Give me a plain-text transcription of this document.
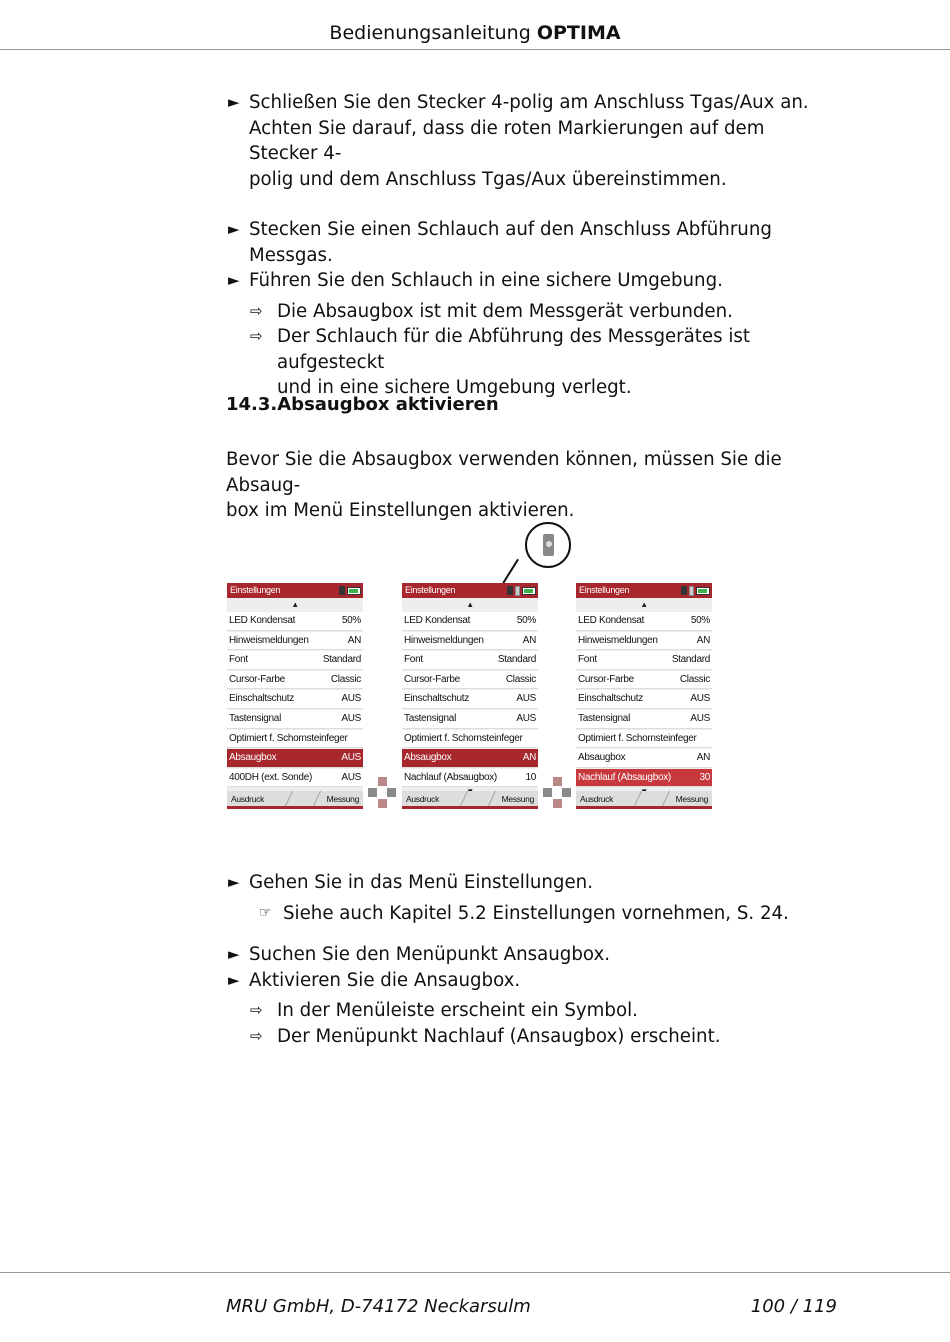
Bedienungsanleitung OPTIMA
► Schließen Sie den Stecker 4-polig am Anschluss Tgas/Aux an.
Achten Sie darauf, dass die roten Markierungen auf dem Stecker 4-
polig und dem Anschluss Tgas/Aux übereinstimmen.
► Stecken Sie einen Schlauch auf den Anschluss Abführung Messgas.
► Führen Sie den Schlauch in eine sichere Umgebung.
⇨ Die Absaugbox ist mit dem Messgerät verbunden.
⇨ Der Schlauch für die Abführung des Messgerätes ist aufgesteckt
und in eine sichere Umgebung verlegt.
14.3.Absaugbox aktivieren
Bevor Sie die Absaugbox verwenden können, müssen Sie die Absaug-
box im Menü Einstellungen aktivieren.
Einstellungen
▲
LED Kondensat	50%
Hinweismeldungen	AN
Font	Standard
Cursor-Farbe	Classic
Einschaltschutz	AUS
Tastensignal	AUS
Optimiert f. Schornsteinfeger
Absaugbox	AUS
400DH (ext. Sonde)	AUS
Ausdruck	Messung
Einstellungen
▲
LED Kondensat	50%
Hinweismeldungen	AN
Font	Standard
Cursor-Farbe	Classic
Einschaltschutz	AUS
Tastensignal	AUS
Optimiert f. Schornsteinfeger
Absaugbox	AN
Nachlauf (Absaugbox)	10
Ausdruck	Messung
Einstellungen
▲
LED Kondensat	50%
Hinweismeldungen	AN
Font	Standard
Cursor-Farbe	Classic
Einschaltschutz	AUS
Tastensignal	AUS
Optimiert f. Schornsteinfeger
Absaugbox	AN
Nachlauf (Absaugbox)	30
Ausdruck	Messung
► Gehen Sie in das Menü Einstellungen.
☞ Siehe auch Kapitel 5.2 Einstellungen vornehmen, S. 24.
► Suchen Sie den Menüpunkt Ansaugbox.
► Aktivieren Sie die Ansaugbox.
⇨ In der Menüleiste erscheint ein Symbol.
⇨ Der Menüpunkt Nachlauf (Ansaugbox) erscheint.
MRU GmbH, D-74172 Neckarsulm	100 / 119
